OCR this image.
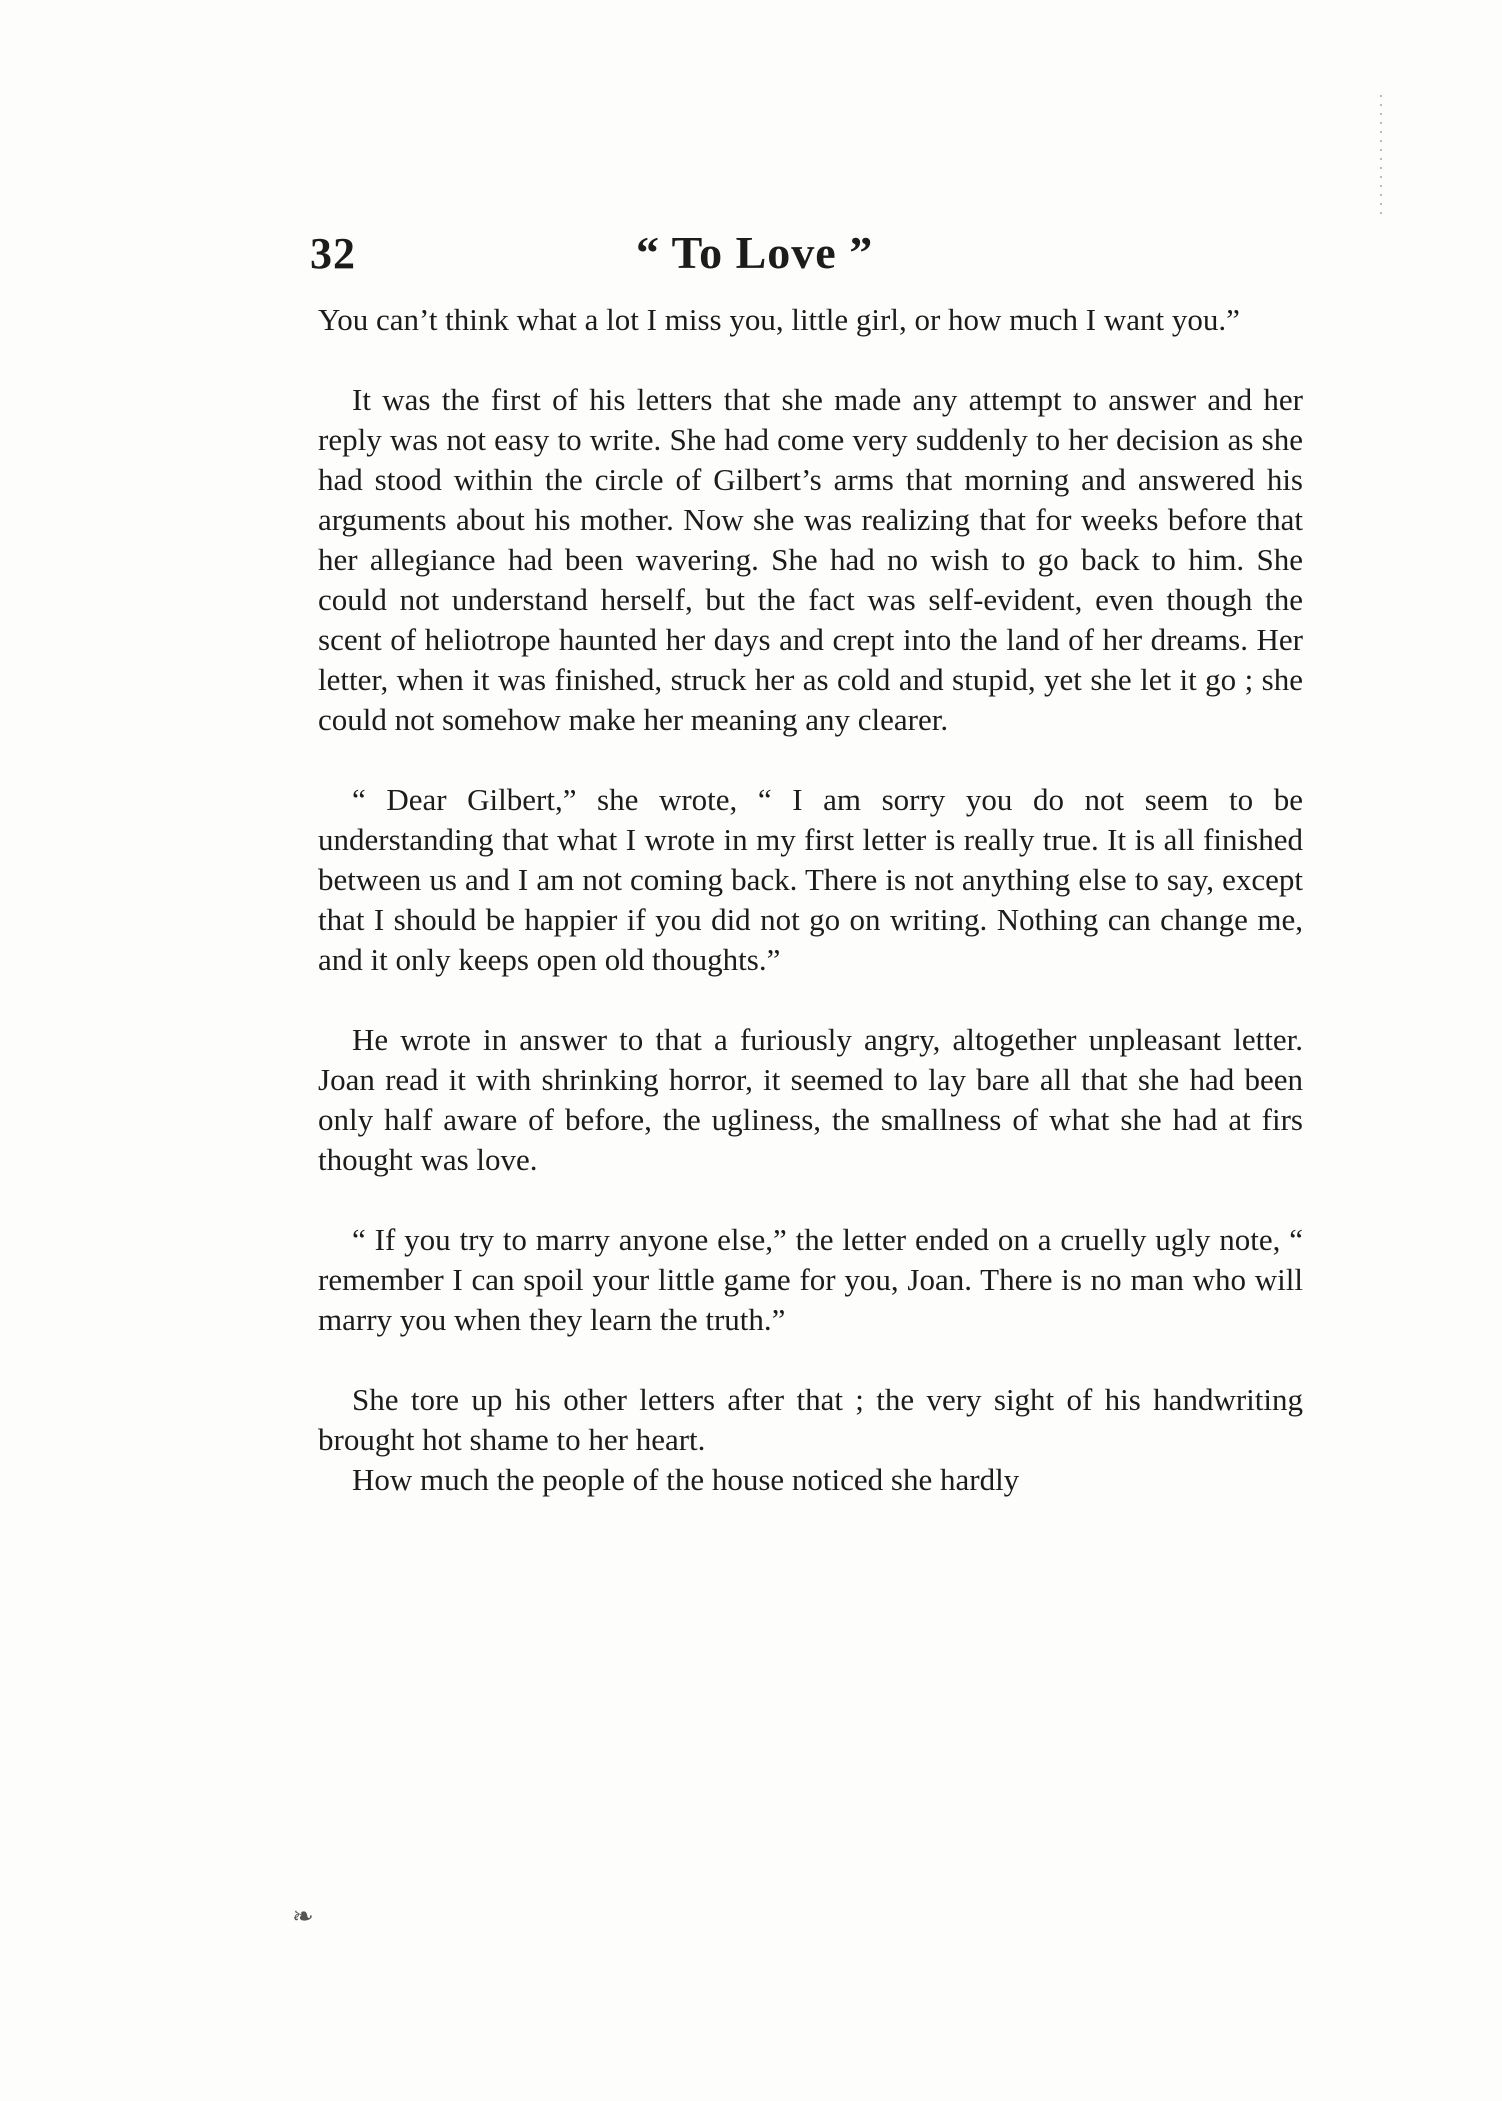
32	“ To Love ”

You can’t think what a lot I miss you, little girl, or how much I want you.”

It was the first of his letters that she made any attempt to answer and her reply was not easy to write. She had come very suddenly to her decision as she had stood within the circle of Gilbert’s arms that morning and answered his arguments about his mother. Now she was realizing that for weeks before that her allegiance had been wavering. She had no wish to go back to him. She could not understand herself, but the fact was self-evident, even though the scent of heliotrope haunted her days and crept into the land of her dreams. Her letter, when it was finished, struck her as cold and stupid, yet she let it go ; she could not somehow make her meaning any clearer.

“ Dear Gilbert,” she wrote, “ I am sorry you do not seem to be understanding that what I wrote in my first letter is really true. It is all finished between us and I am not coming back. There is not anything else to say, except that I should be happier if you did not go on writing. Nothing can change me, and it only keeps open old thoughts.”

He wrote in answer to that a furiously angry, altogether unpleasant letter. Joan read it with shrinking horror, it seemed to lay bare all that she had been only half aware of before, the ugliness, the smallness of what she had at firs thought was love.

“ If you try to marry anyone else,” the letter ended on a cruelly ugly note, “ remember I can spoil your little game for you, Joan. There is no man who will marry you when they learn the truth.”

She tore up his other letters after that ; the very sight of his handwriting brought hot shame to her heart.

How much the people of the house noticed she hardly

❧
